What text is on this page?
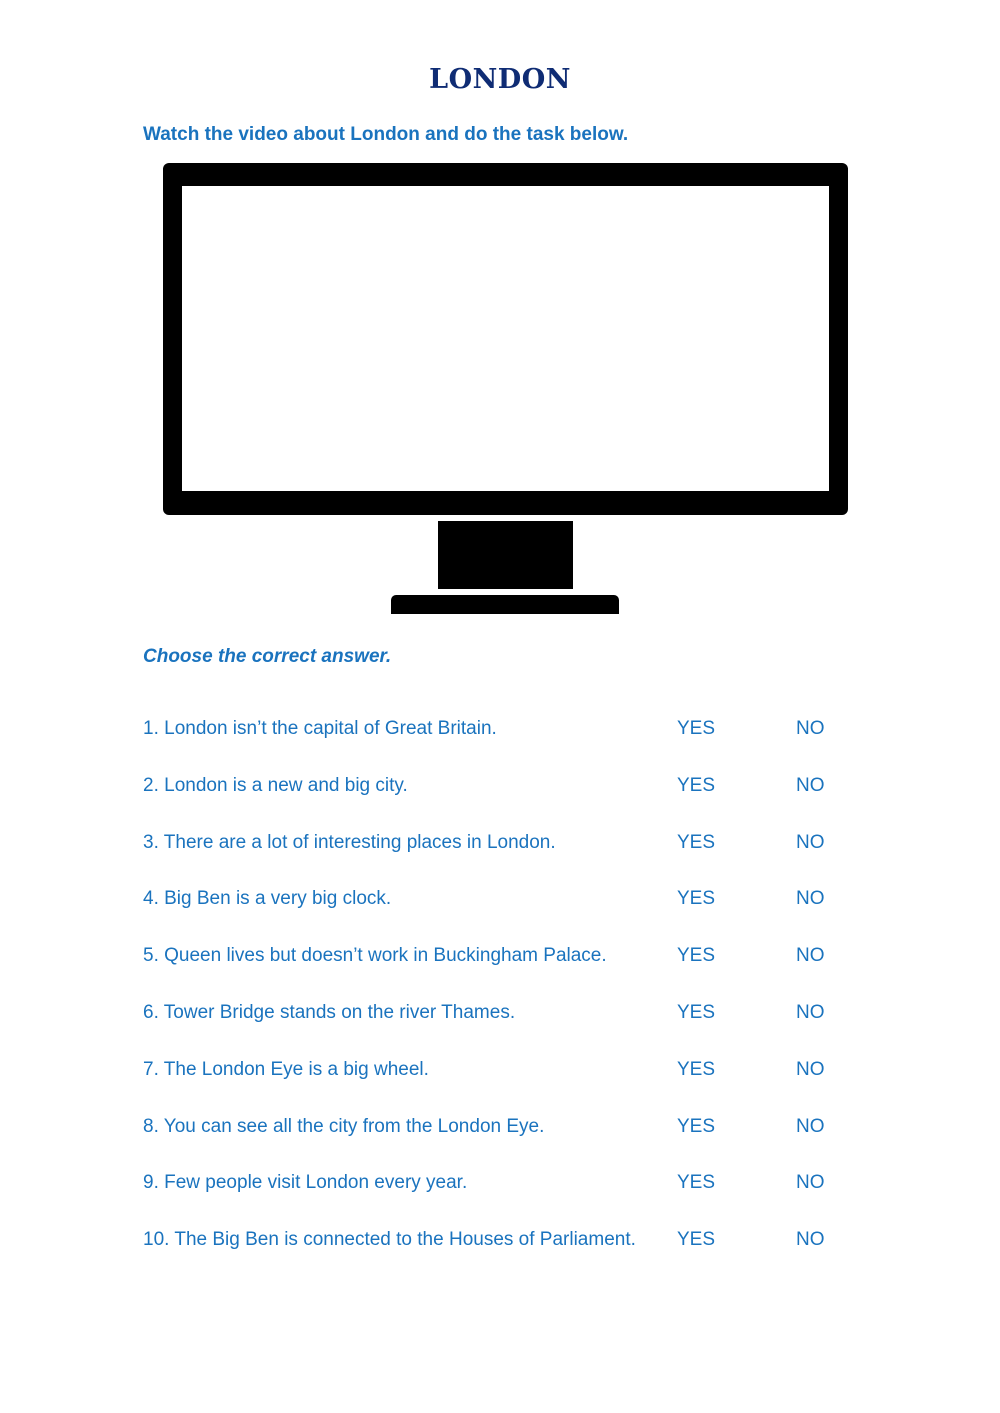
LONDON
Watch the video about London and do the task below.
Choose the correct answer.
1. London isn’t the capital of Great Britain.	YES	NO
2. London is a new and big city.	YES	NO
3. There are a lot of interesting places in London.	YES	NO
4. Big Ben is a very big clock.	YES	NO
5. Queen lives but doesn’t work in Buckingham Palace.	YES	NO
6. Tower Bridge stands on the river Thames.	YES	NO
7. The London Eye is a big wheel.	YES	NO
8. You can see all the city from the London Eye.	YES	NO
9. Few people visit London every year.	YES	NO
10. The Big Ben is connected to the Houses of Parliament. YES	NO
